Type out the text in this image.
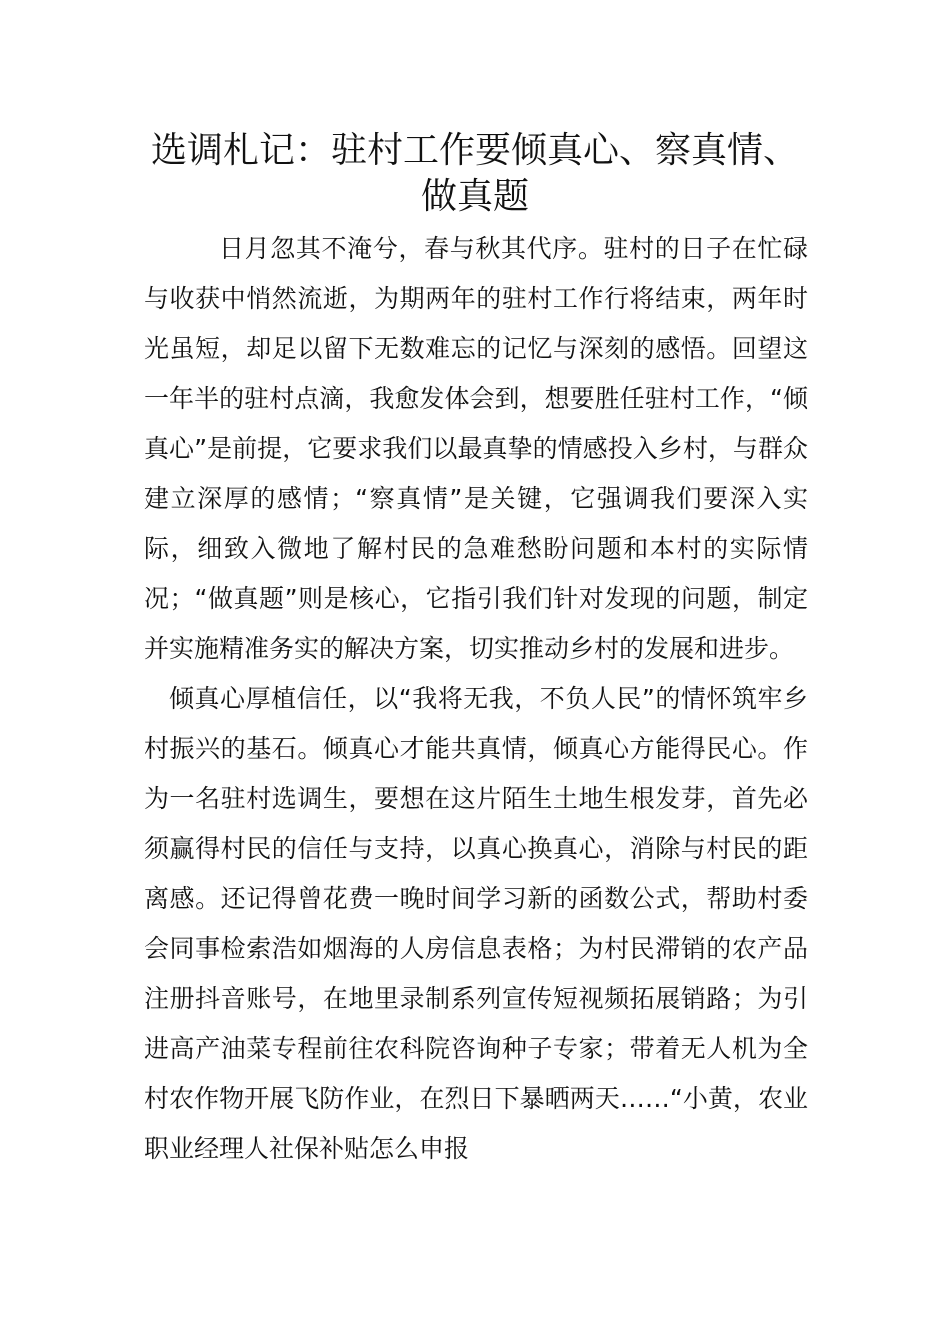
选调札记：驻村工作要倾真心、察真情、
做真题

日月忽其不淹兮，春与秋其代序。驻村的日子在忙碌与收获中悄然流逝，为期两年的驻村工作行将结束，两年时光虽短，却足以留下无数难忘的记忆与深刻的感悟。回望这一年半的驻村点滴，我愈发体会到，想要胜任驻村工作，“倾真心”是前提，它要求我们以最真挚的情感投入乡村，与群众建立深厚的感情；“察真情”是关键，它强调我们要深入实际，细致入微地了解村民的急难愁盼问题和本村的实际情况；“做真题”则是核心，它指引我们针对发现的问题，制定并实施精准务实的解决方案，切实推动乡村的发展和进步。

倾真心厚植信任，以“我将无我，不负人民”的情怀筑牢乡村振兴的基石。倾真心才能共真情，倾真心方能得民心。作为一名驻村选调生，要想在这片陌生土地生根发芽，首先必须赢得村民的信任与支持，以真心换真心，消除与村民的距离感。还记得曾花费一晚时间学习新的函数公式，帮助村委会同事检索浩如烟海的人房信息表格；为村民滞销的农产品注册抖音账号，在地里录制系列宣传短视频拓展销路；为引进高产油菜专程前往农科院咨询种子专家；带着无人机为全村农作物开展飞防作业，在烈日下暴晒两天……“小黄，农业职业经理人社保补贴怎么申报
